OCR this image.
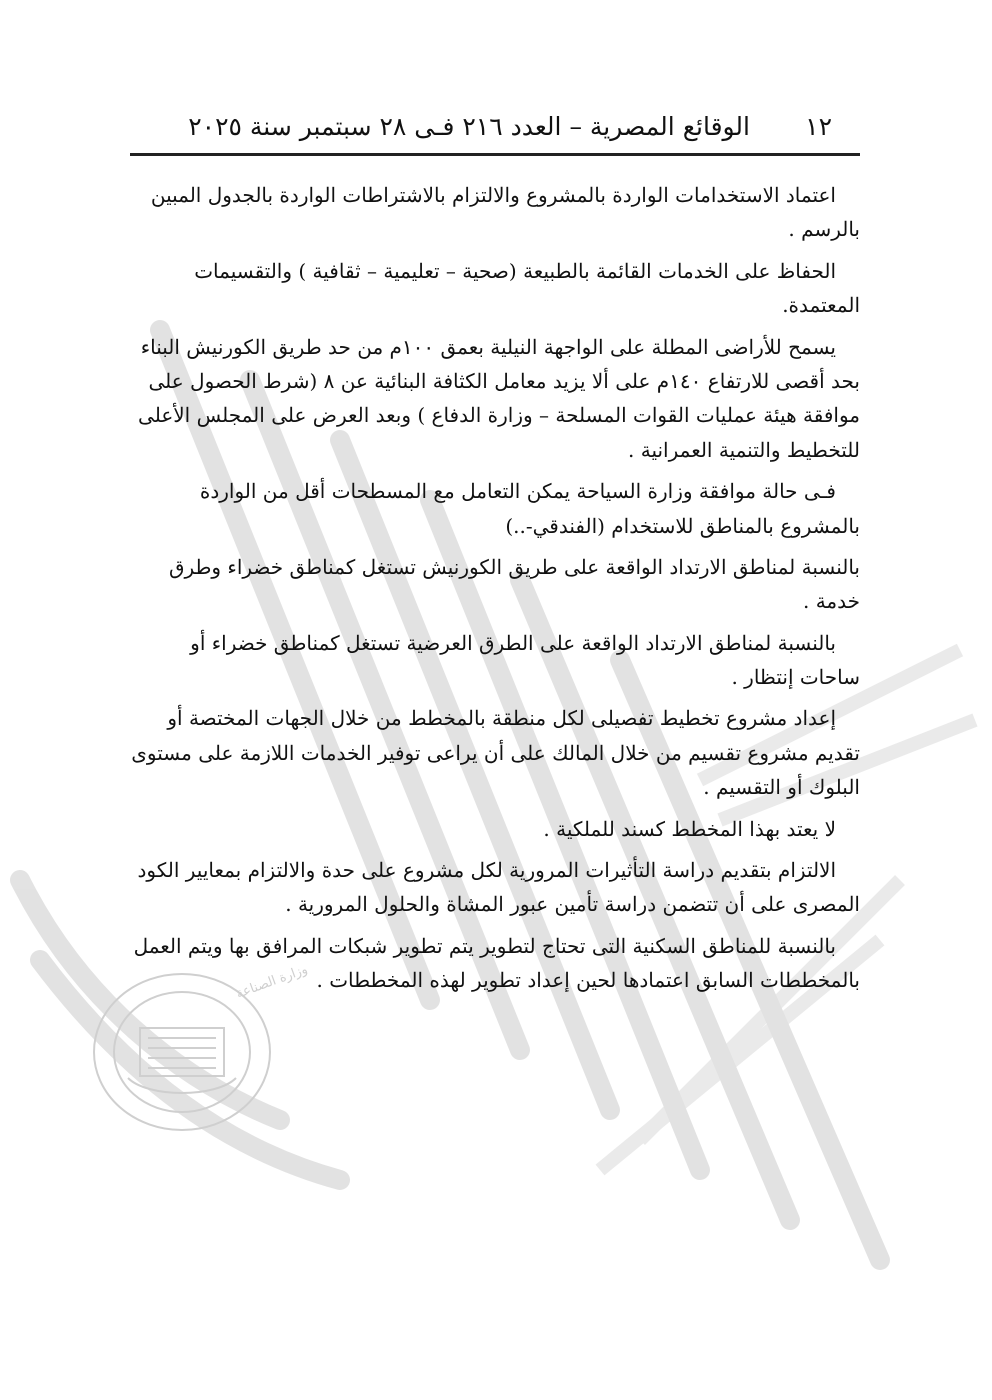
١٢
الوقائع المصرية – العدد ٢١٦ فـى ٢٨ سبتمبر سنة ٢٠٢٥

اعتماد الاستخدامات الواردة بالمشروع والالتزام بالاشتراطات الواردة بالجدول المبين بالرسم .

الحفاظ على الخدمات القائمة بالطبيعة (صحية – تعليمية – ثقافية ) والتقسيمات المعتمدة.

يسمح للأراضى المطلة على الواجهة النيلية بعمق ١٠٠م من حد طريق الكورنيش البناء بحد أقصى للارتفاع ١٤٠م على ألا يزيد معامل الكثافة البنائية عن ٨ (شرط الحصول على موافقة هيئة عمليات القوات المسلحة – وزارة الدفاع ) وبعد العرض على المجلس الأعلى للتخطيط والتنمية العمرانية .

فـى حالة موافقة وزارة السياحة يمكن التعامل مع المسطحات أقل من الواردة بالمشروع بالمناطق للاستخدام (الفندقي-..)

بالنسبة لمناطق الارتداد الواقعة على طريق الكورنيش تستغل كمناطق خضراء وطرق خدمة .

بالنسبة لمناطق الارتداد الواقعة على الطرق العرضية تستغل كمناطق خضراء أو ساحات إنتظار .

إعداد مشروع تخطيط تفصيلى لكل منطقة بالمخطط من خلال الجهات المختصة أو تقديم مشروع تقسيم من خلال المالك على أن يراعى توفير الخدمات اللازمة على مستوى البلوك أو التقسيم .

لا يعتد بهذا المخطط كسند للملكية .

الالتزام بتقديم دراسة التأثيرات المرورية لكل مشروع على حدة والالتزام بمعايير الكود المصرى على أن تتضمن دراسة تأمين عبور المشاة والحلول المرورية .

بالنسبة للمناطق السكنية التى تحتاج لتطوير يتم تطوير شبكات المرافق بها ويتم العمل بالمخططات السابق اعتمادها لحين إعداد تطوير لهذه المخططات .

وزارة الصناعة
